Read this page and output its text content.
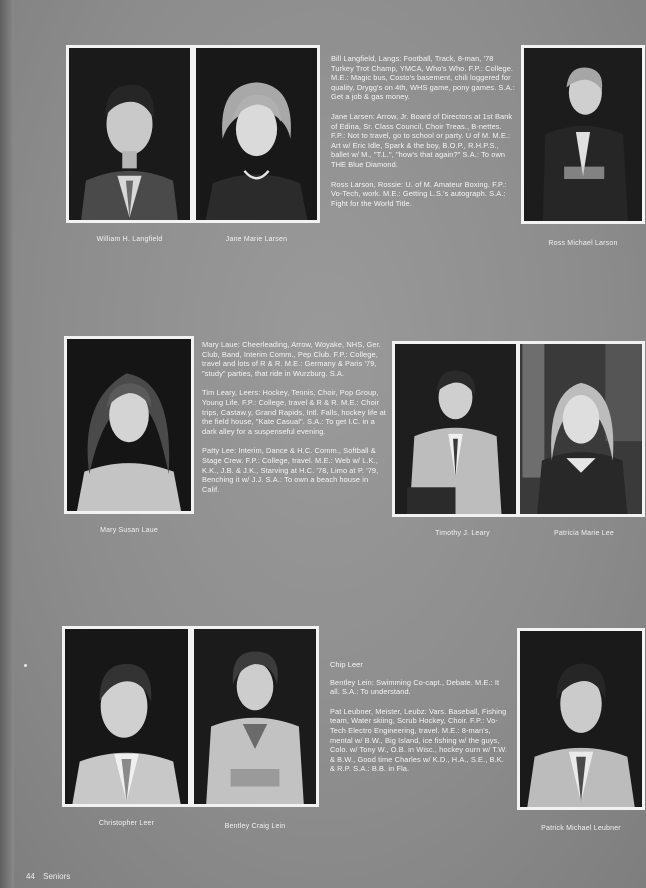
Bill Langfield, Langs: Football, Track, 8-man, '78 Turkey Trot Champ, YMCA, Who's Who. F.P.: College. M.E.: Magic bus, Costo's basement, chili loggered for quality, Drygg's on 4th, WHS game, pony games. S.A.: Get a job & gas money.

Jane Larsen: Arrow, Jr. Board of Directors at 1st Bank of Edina, Sr. Class Council, Choir Treas., B-nettes. F.P.: Not to travel, go to school or party. U of M. M.E.: Art w/ Eric Idle, Spark & the boy, B.O.P., R.H.P.S., ballet w/ M., "T.L.", "how's that again?" S.A.: To own THE Blue Diamond.

Ross Larson, Rossie: U. of M. Amateur Boxing. F.P.: Vo-Tech, work. M.E.: Getting L.S.'s autograph. S.A.: Fight for the World Title.

William H. Langfield	Jane Marie Larsen
Ross Michael Larson

Mary Laue: Cheerleading, Arrow, Woyake, NHS, Ger. Club, Band, Interim Comm., Pep Club. F.P.: College, travel and lots of R & R. M.E.: Germany & Paris '79, "study" parties, that ride in Wurzburg. S.A.

Tim Leary, Leers: Hockey, Tennis, Choir, Pop Group, Young Life. F.P.: College, travel & R & R. M.E.: Choir trips, Castaw.y, Grand Rapids, Intl. Falls, hockey life at the field house, "Kate Casual". S.A.: To get I.C. in a dark alley for a suspenseful evening.

Patty Lee: Interim, Dance & H.C. Comm., Softball & Stage Crew. F.P.: College, travel. M.E.: Web w/ L.K., K.K., J.B. & J.K., Starving at H.C. '78, Limo at P. '79, Benching it w/ J.J. S.A.: To own a beach house in Calif.

Mary Susan Laue	Timothy J. Leary	Patricia Marie Lee

Chip Leer

Bentley Lein: Swimming Co-capt., Debate. M.E.: It all. S.A.: To understand.

Pat Leubner, Meister, Leubz: Vars. Baseball, Fishing team, Water skiing, Scrub Hockey, Choir. F.P.: Vo-Tech Electro Engineering, travel. M.E.: 8-man's, mental w/ B.W., Big Island, ice fishing w/ the guys, Colo. w/ Tony W., O.B. in Wisc., hockey ourn w/ T.W. & B.W., Good time Charles w/ K.D., H.A., S.E., B.K. & R.P. S.A.: B.B. in Fla.

Christopher Leer	Bentley Craig Lein	Patrick Michael Leubner
44 Seniors
